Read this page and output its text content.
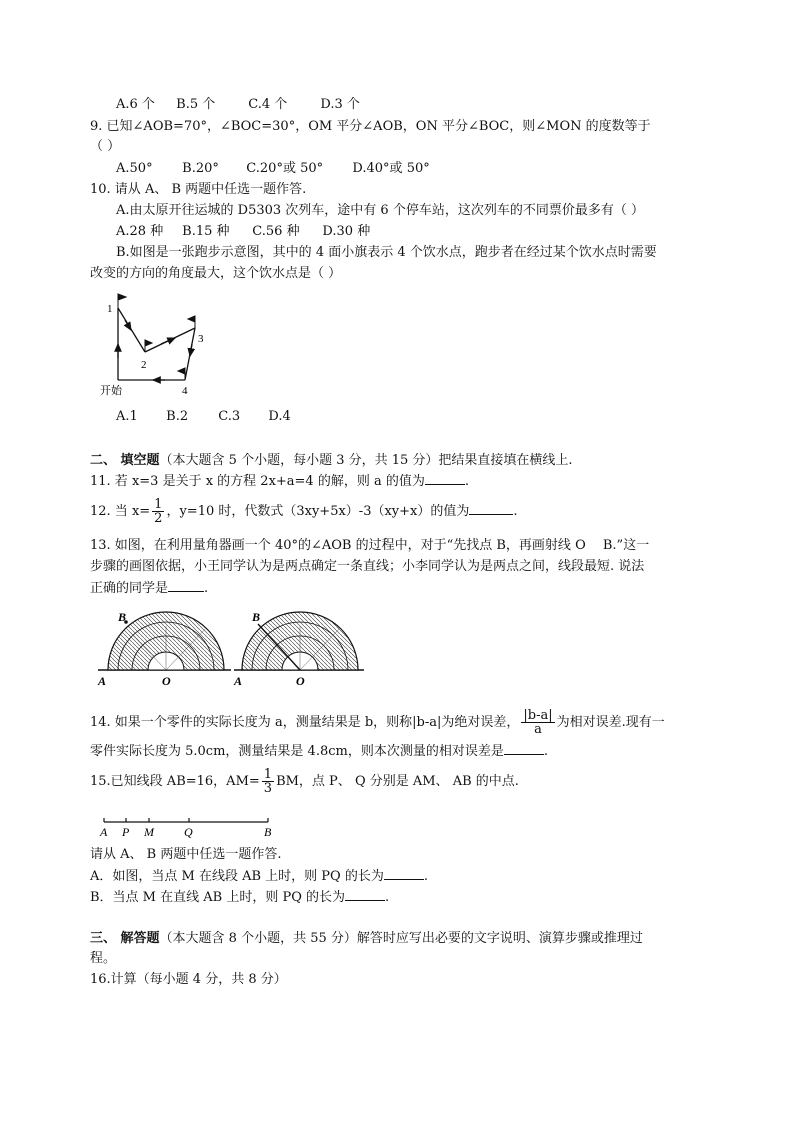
A.6 个 B.5 个	C.4 个	D.3 个
9. 已知∠AOB=70°，∠BOC=30°，OM 平分∠AOB，ON 平分∠BOC，则∠MON 的度数等于
（ ）
A.50° B.20° C.20°或 50° D.40°或 50°
10. 请从 A、 B 两题中任选一题作答.
A.由太原开往运城的 D5303 次列车，途中有 6 个停车站，这次列车的不同票价最多有（ ）
A.28 种 B.15 种 C.56 种 D.30 种
B.如图是一张跑步示意图，其中的 4 面小旗表示 4 个饮水点，跑步者在经过某个饮水点时需要
改变的方向的角度最大，这个饮水点是（ ）
1
2
3
4
开始
A.1 B.2 C.3 D.4
二、 填空题（本大题含 5 个小题，每小题 3 分，共 15 分）把结果直接填在横线上.
11. 若 x=3 是关于 x 的方程 2x+a=4 的解，则 a 的值为	.
12. 当 $x= \frac{1}{2}$ ，y=10 时，代数式（3xy+5x）-3（xy+x）的值为	.
13. 如图，在利用量角器画一个 40°的∠AOB 的过程中，对于“先找点 B，再画射线 O　 B.”这一
步骤的画图依据，小王同学认为是两点确定一条直线；小李同学认为是两点之间，线段最短. 说法
正确的同学是	.
B
A	O
B
A	O
14. 如果一个零件的实际长度为 a，测量结果是 b，则称|b-a|为绝对误差， $\frac{|b-a|}{a}$ 为相对误差.现有一
零件实际长度为 5.0cm，测量结果是 4.8cm，则本次测量的相对误差是	.
15.已知线段 AB=16，$AM= \frac{1}{3}$ BM，点 P、 Q 分别是 AM、 AB 的中点.
A P M	Q	B
请从 A、 B 两题中任选一题作答.
A．如图，当点 M 在线段 AB 上时，则 PQ 的长为	.
B．当点 M 在直线 AB 上时，则 PQ 的长为	.
三、 解答题（本大题含 8 个小题，共 55 分）解答时应写出必要的文字说明、演算步骤或推理过
程。
16.计算（每小题 4 分，共 8 分）
